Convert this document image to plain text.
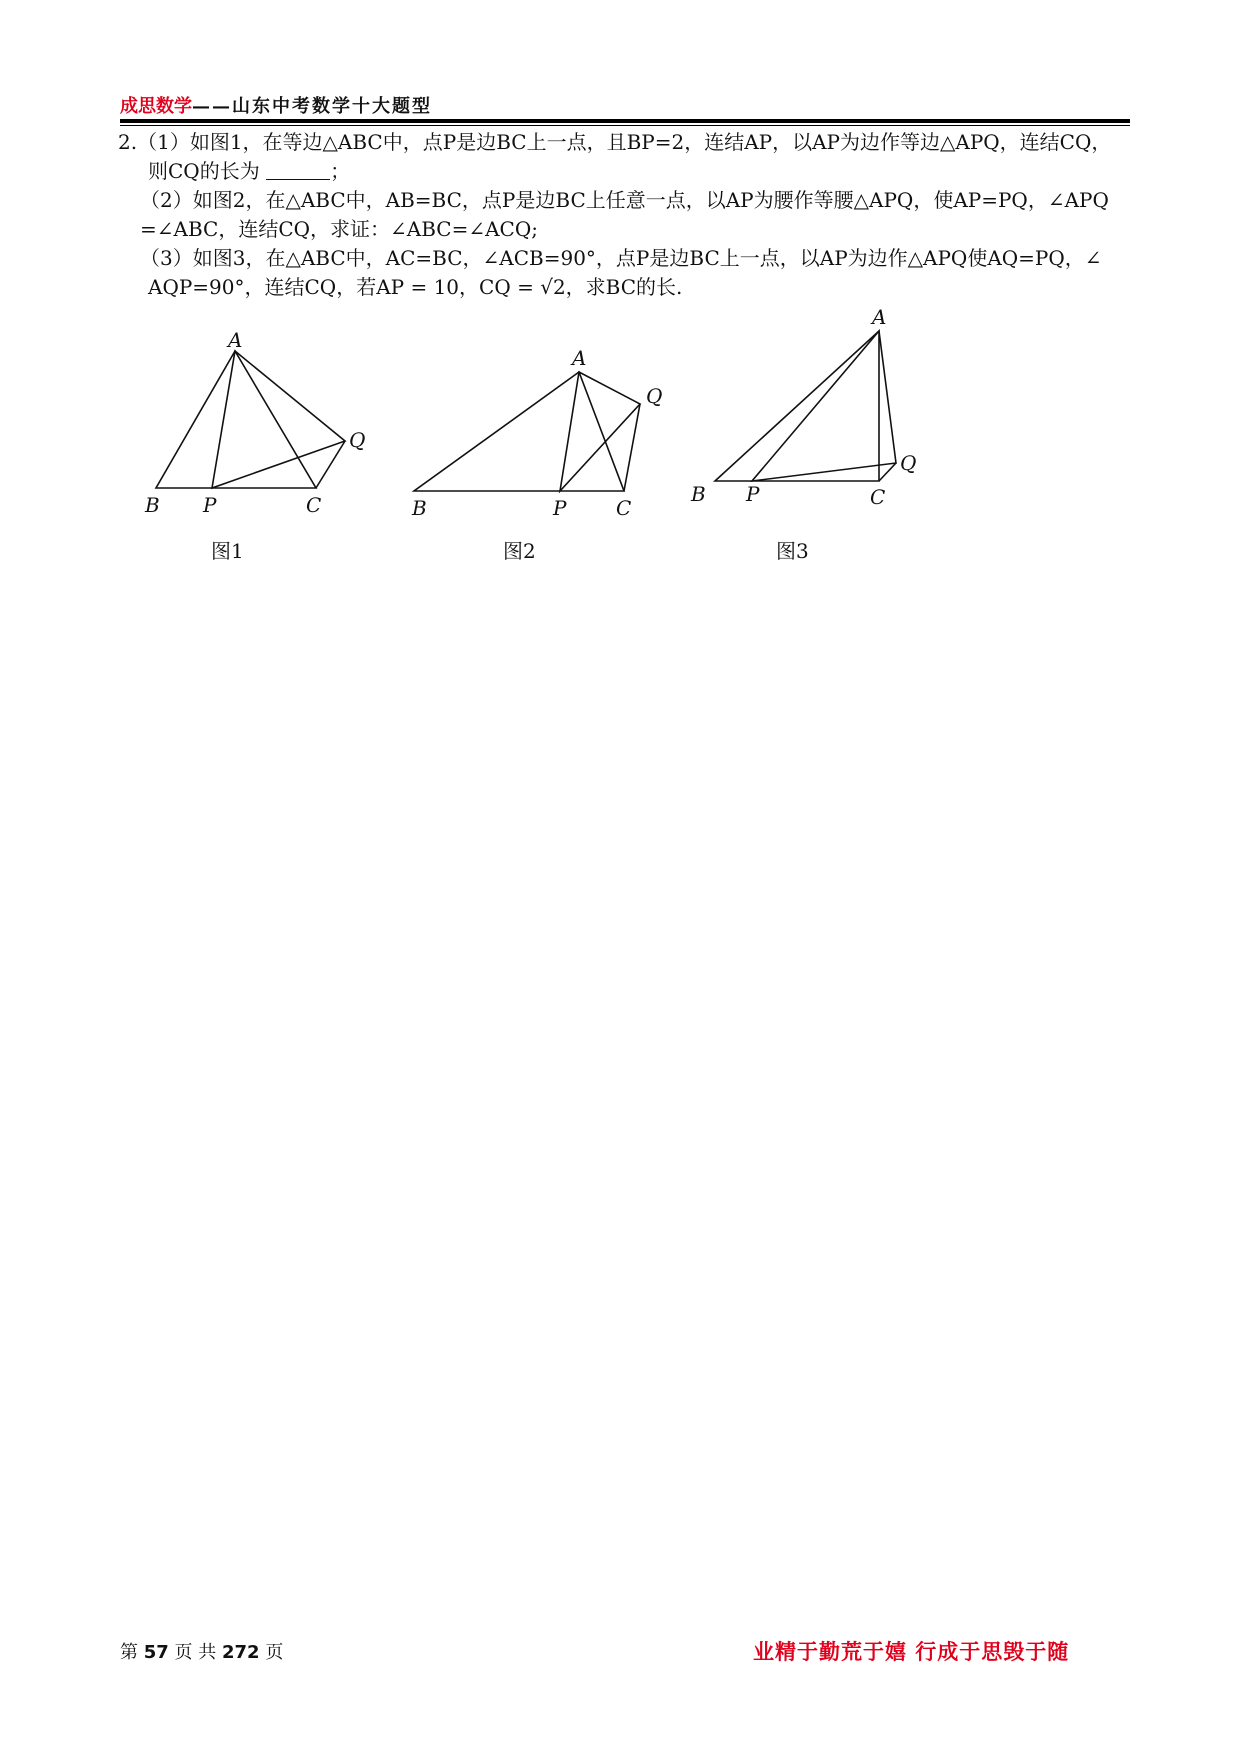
成思数学——山东中考数学十大题型

2.（1）如图1，在等边△ABC中，点P是边BC上一点，且BP=2，连结AP，以AP为边作等边△APQ，连结CQ，

则CQ的长为	；

（2）如图2，在△ABC中，AB=BC，点P是边BC上任意一点，以AP为腰作等腰△APQ，使AP=PQ，∠APQ

=∠ABC，连结CQ，求证：∠ABC=∠ACQ;

（3）如图3，在△ABC中，AC=BC，∠ACB=90°，点P是边BC上一点，以AP为边作△APQ使AQ=PQ，∠

AQP=90°，连结CQ，若AP = 10，CQ = √2，求BC的长.

A
B P	C
Q
A
B	P C
Q
A
B P	C
Q
图1	图2	图3
第 57 页 共 272 页	业精于勤荒于嬉 行成于思毁于随
